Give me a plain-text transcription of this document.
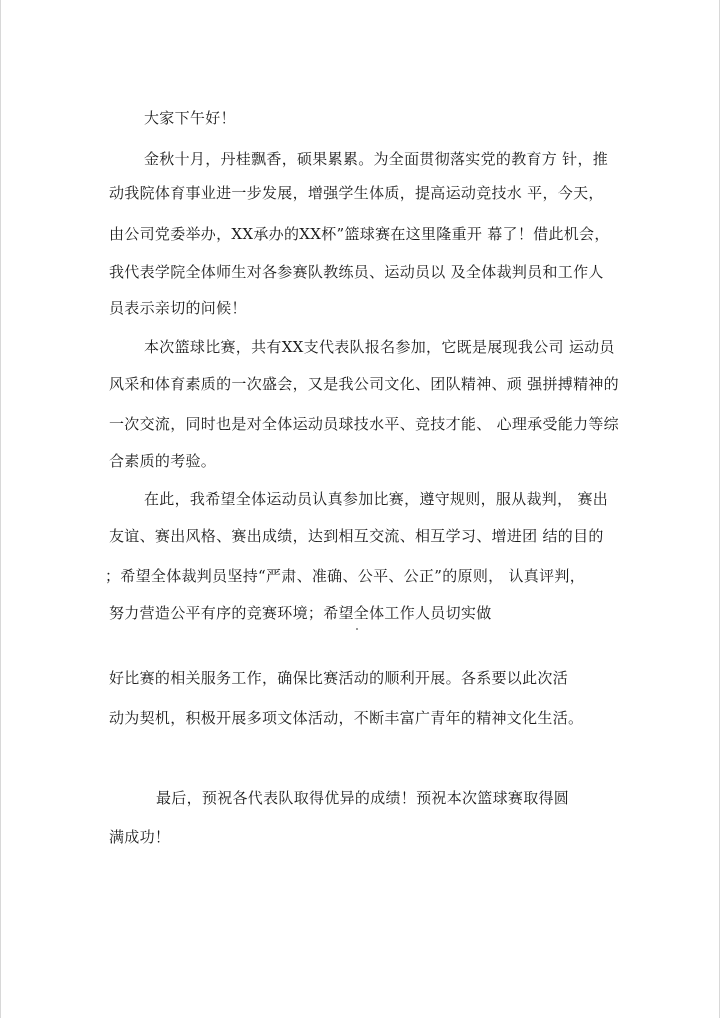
大家下午好！
金秋十月，丹桂飘香，硕果累累。为全面贯彻落实党的教育方 针，推
动我院体育事业进一步发展，增强学生体质，提高运动竞技水 平，今天，
由公司党委举办，XX承办的XX杯”篮球赛在这里隆重开 幕了！借此机会，
我代表学院全体师生对各参赛队教练员、运动员以 及全体裁判员和工作人
员表示亲切的问候！
本次篮球比赛，共有XX支代表队报名参加，它既是展现我公司 运动员
风采和体育素质的一次盛会，又是我公司文化、团队精神、顽 强拼搏精神的
一次交流，同时也是对全体运动员球技水平、竞技才能、 心理承受能力等综
合素质的考验。
在此，我希望全体运动员认真参加比赛，遵守规则，服从裁判， 赛出
友谊、赛出风格、赛出成绩，达到相互交流、相互学习、增进团 结的目的
；希望全体裁判员坚持“严肃、准确、公平、公正”的原则， 认真评判，
努力营造公平有序的竞赛环境；希望全体工作人员切实做
好比赛的相关服务工作，确保比赛活动的顺利开展。各系要以此次活
动为契机，积极开展多项文体活动，不断丰富广青年的精神文化生活。
最后，预祝各代表队取得优异的成绩！预祝本次篮球赛取得圆
满成功！
